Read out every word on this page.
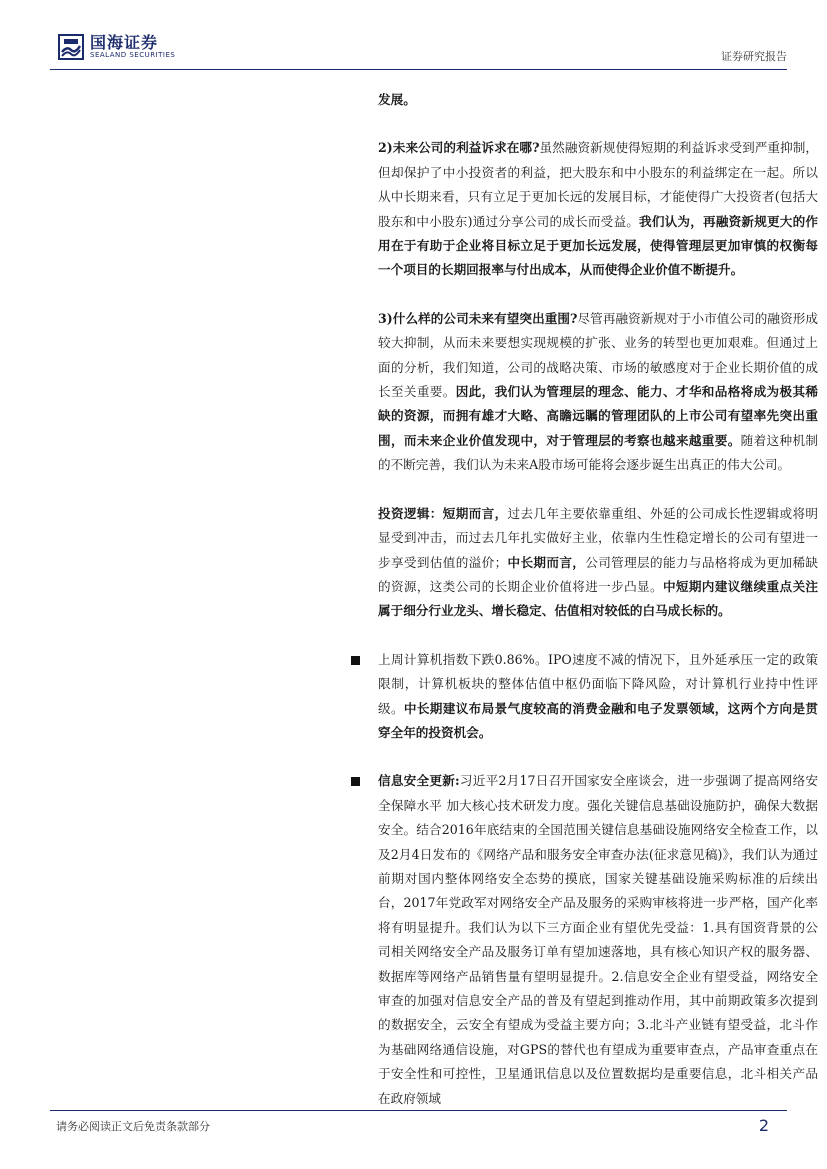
国海证券
SEALAND SECURITIES	证券研究报告

发展。

2)未来公司的利益诉求在哪?虽然融资新规使得短期的利益诉求受到严重抑制，但却保护了中小投资者的利益，把大股东和中小股东的利益绑定在一起。所以从中长期来看，只有立足于更加长远的发展目标，才能使得广大投资者(包括大股东和中小股东)通过分享公司的成长而受益。我们认为，再融资新规更大的作用在于有助于企业将目标立足于更加长远发展，使得管理层更加审慎的权衡每一个项目的长期回报率与付出成本，从而使得企业价值不断提升。

3)什么样的公司未来有望突出重围?尽管再融资新规对于小市值公司的融资形成较大抑制，从而未来要想实现规模的扩张、业务的转型也更加艰难。但通过上面的分析，我们知道，公司的战略决策、市场的敏感度对于企业长期价值的成长至关重要。因此，我们认为管理层的理念、能力、才华和品格将成为极其稀缺的资源，而拥有雄才大略、高瞻远瞩的管理团队的上市公司有望率先突出重围，而未来企业价值发现中，对于管理层的考察也越来越重要。随着这种机制的不断完善，我们认为未来A股市场可能将会逐步诞生出真正的伟大公司。

投资逻辑：短期而言，过去几年主要依靠重组、外延的公司成长性逻辑或将明显受到冲击，而过去几年扎实做好主业，依靠内生性稳定增长的公司有望进一步享受到估值的溢价；中长期而言，公司管理层的能力与品格将成为更加稀缺的资源，这类公司的长期企业价值将进一步凸显。中短期内建议继续重点关注属于细分行业龙头、增长稳定、估值相对较低的白马成长标的。

上周计算机指数下跌0.86%。IPO速度不减的情况下，且外延承压一定的政策限制，计算机板块的整体估值中枢仍面临下降风险，对计算机行业持中性评级。中长期建议布局景气度较高的消费金融和电子发票领域，这两个方向是贯穿全年的投资机会。

信息安全更新:习近平2月17日召开国家安全座谈会，进一步强调了提高网络安全保障水平 加大核心技术研发力度。强化关键信息基础设施防护，确保大数据安全。结合2016年底结束的全国范围关键信息基础设施网络安全检查工作，以及2月4日发布的《网络产品和服务安全审查办法(征求意见稿)》，我们认为通过前期对国内整体网络安全态势的摸底，国家关键基础设施采购标准的后续出台，2017年党政军对网络安全产品及服务的采购审核将进一步严格，国产化率将有明显提升。我们认为以下三方面企业有望优先受益：1.具有国资背景的公司相关网络安全产品及服务订单有望加速落地，具有核心知识产权的服务器、数据库等网络产品销售量有望明显提升。2.信息安全企业有望受益，网络安全审查的加强对信息安全产品的普及有望起到推动作用，其中前期政策多次提到的数据安全，云安全有望成为受益主要方向；3.北斗产业链有望受益，北斗作为基础网络通信设施，对GPS的替代也有望成为重要审查点，产品审查重点在于安全性和可控性，卫星通讯信息以及位置数据均是重要信息，北斗相关产品在政府领域

请务必阅读正文后免责条款部分	2
